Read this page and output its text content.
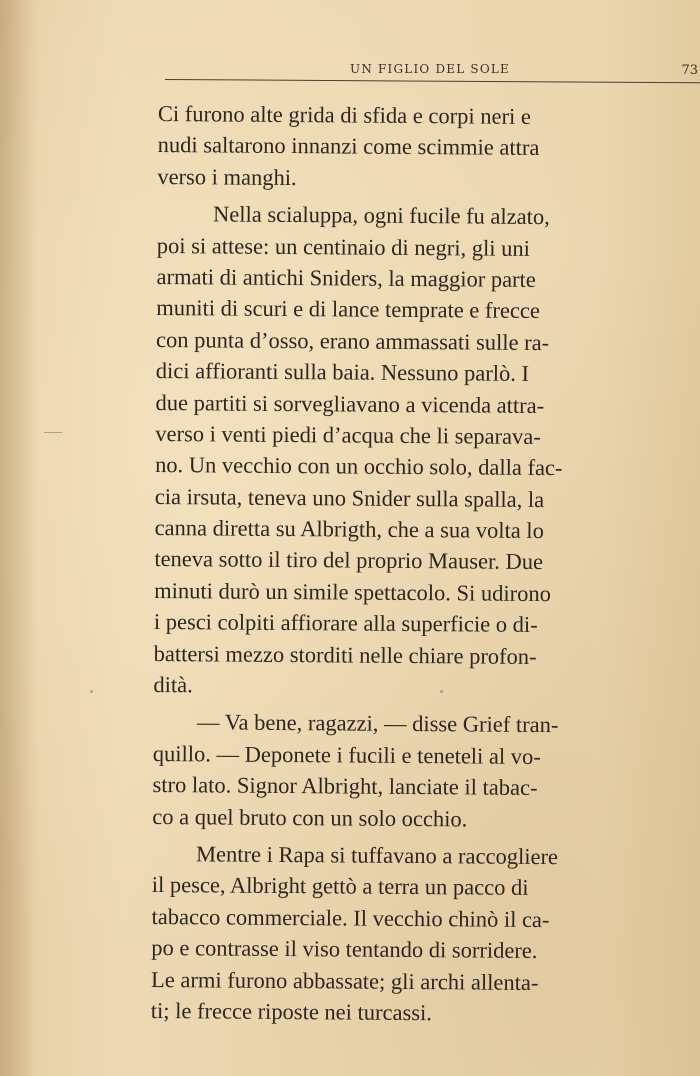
UN FIGLIO DEL SOLE	73
Ci furono alte grida di sfida e corpi neri e
nudi saltarono innanzi come scimmie attra
verso i manghi.
Nella scialuppa, ogni fucile fu alzato,
poi si attese: un centinaio di negri, gli uni
armati di antichi Sniders, la maggior parte
muniti di scuri e di lance temprate e frecce
con punta d’osso, erano ammassati sulle ra-
dici affioranti sulla baia. Nessuno parlò. I
due partiti si sorvegliavano a vicenda attra-
verso i venti piedi d’acqua che li separava-
no. Un vecchio con un occhio solo, dalla fac-
cia irsuta, teneva uno Snider sulla spalla, la
canna diretta su Albrigth, che a sua volta lo
teneva sotto il tiro del proprio Mauser. Due
minuti durò un simile spettacolo. Si udirono
i pesci colpiti affiorare alla superficie o di-
battersi mezzo storditi nelle chiare profon-
dità.
— Va bene, ragazzi, — disse Grief tran-
quillo. — Deponete i fucili e teneteli al vo-
stro lato. Signor Albright, lanciate il tabac-
co a quel bruto con un solo occhio.
Mentre i Rapa si tuffavano a raccogliere
il pesce, Albright gettò a terra un pacco di
tabacco commerciale. Il vecchio chinò il ca-
po e contrasse il viso tentando di sorridere.
Le armi furono abbassate; gli archi allenta-
ti; le frecce riposte nei turcassi.
